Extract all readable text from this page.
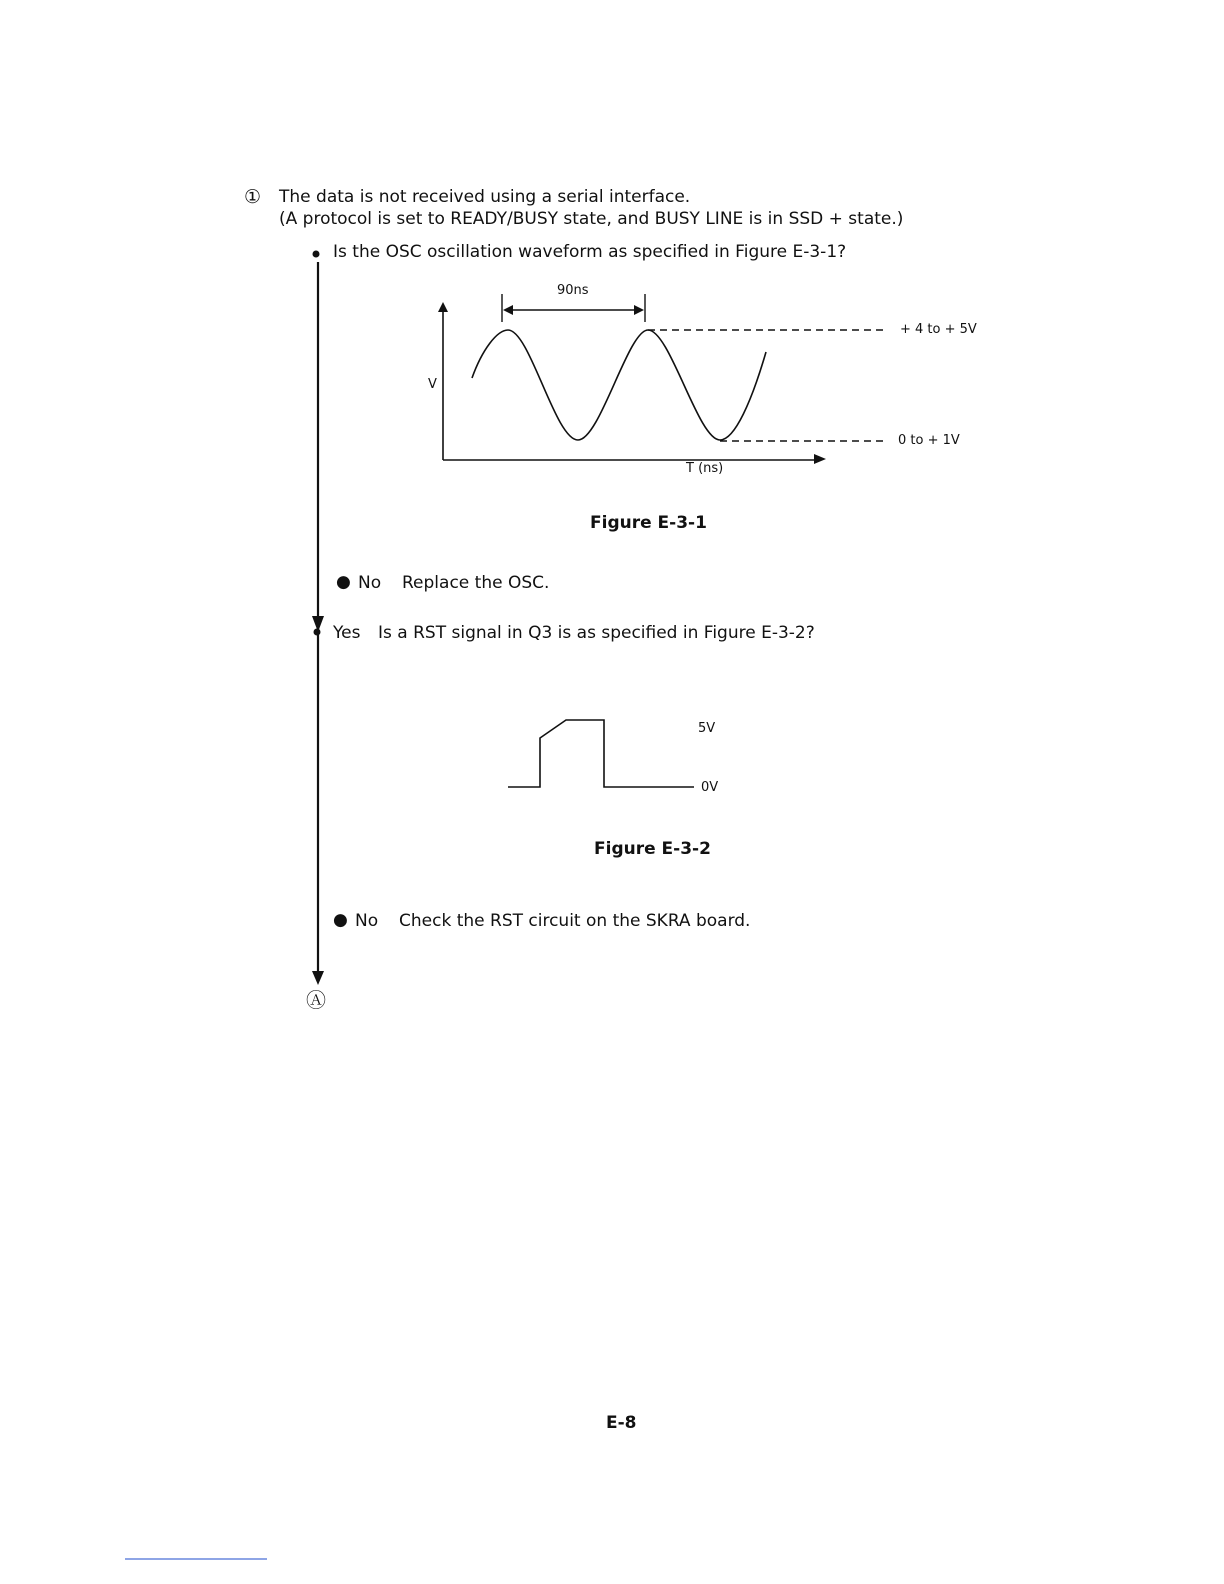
① The data is not received using a serial interface.
(A protocol is set to READY/BUSY state, and BUSY LINE is in SSD + state.)
Is the OSC oscillation waveform as specified in Figure E-3-1?
90ns
V
T (ns)
+ 4 to + 5V
0 to + 1V
Figure E-3-1
● No Replace the OSC.
Yes Is a RST signal in Q3 is as specified in Figure E-3-2?
5V
0V
Figure E-3-2
● No Check the RST circuit on the SKRA board.
Ⓐ
E-8
